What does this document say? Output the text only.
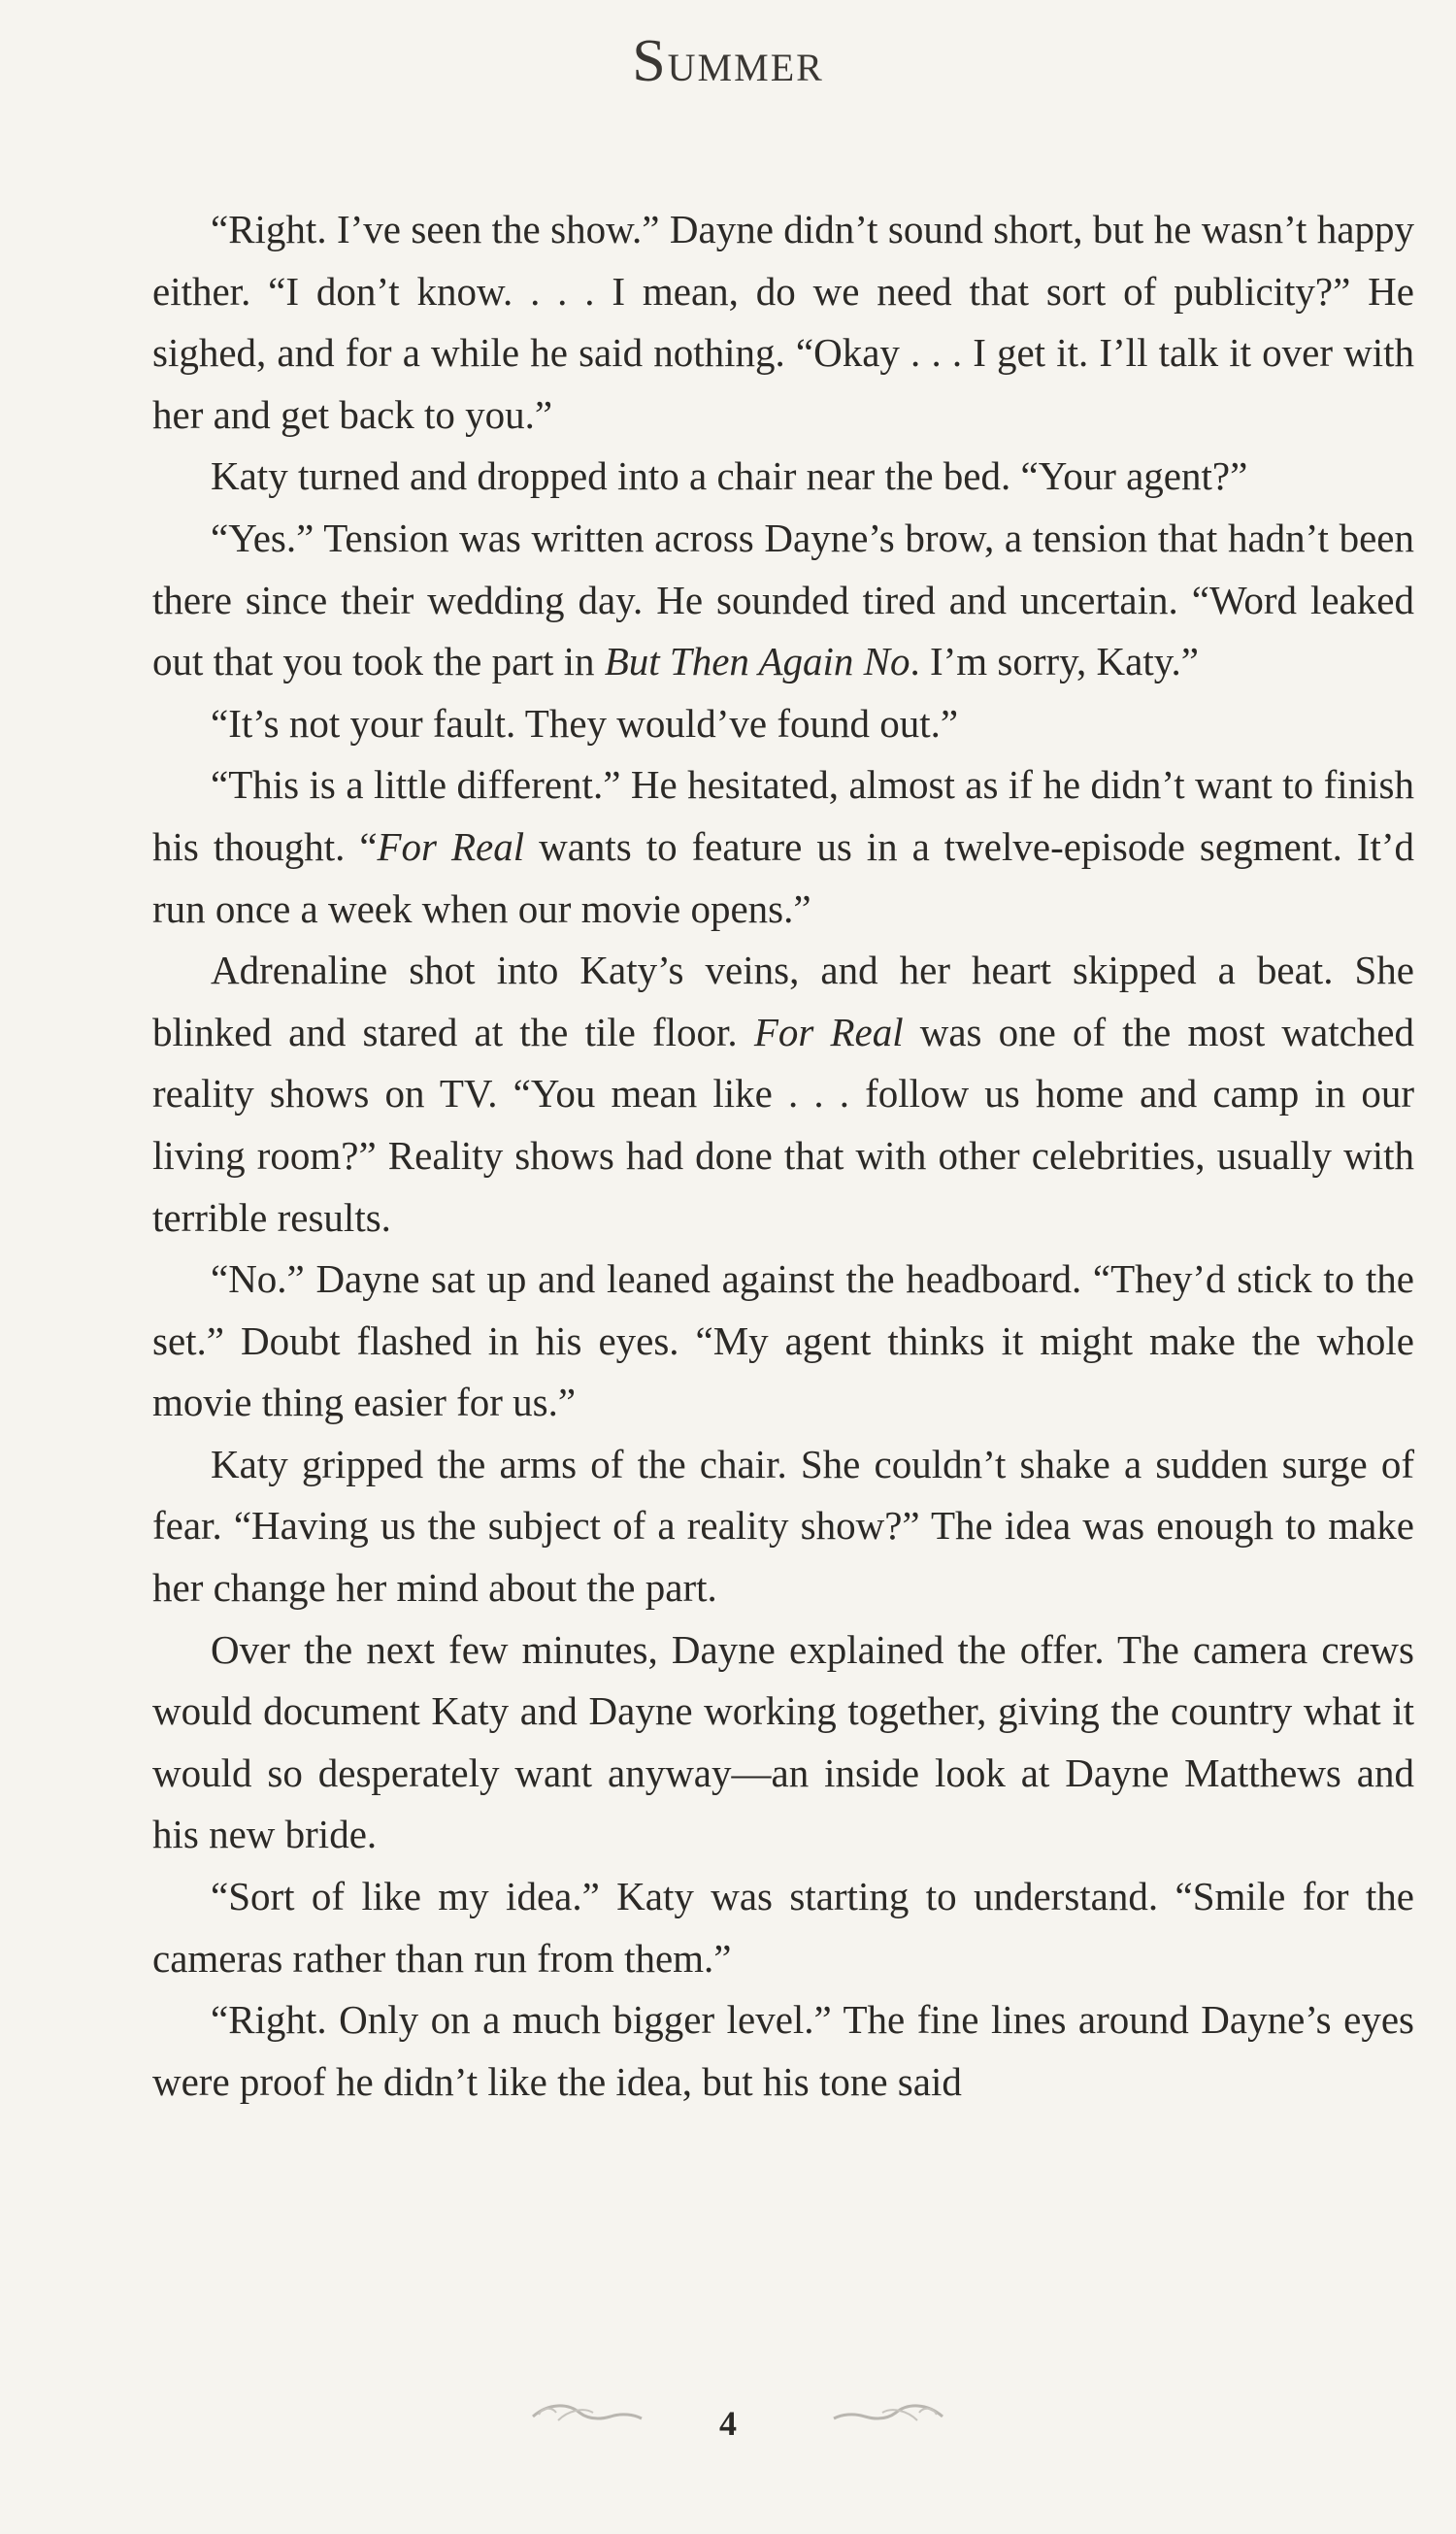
SUMMER

“Right. I’ve seen the show.” Dayne didn’t sound short, but he wasn’t happy either. “I don’t know. . . . I mean, do we need that sort of publicity?” He sighed, and for a while he said nothing. “Okay . . . I get it. I’ll talk it over with her and get back to you.”

Katy turned and dropped into a chair near the bed. “Your agent?”

“Yes.” Tension was written across Dayne’s brow, a tension that hadn’t been there since their wedding day. He sounded tired and uncertain. “Word leaked out that you took the part in But Then Again No. I’m sorry, Katy.”

“It’s not your fault. They would’ve found out.”

“This is a little different.” He hesitated, almost as if he didn’t want to finish his thought. “For Real wants to feature us in a twelve-episode segment. It’d run once a week when our movie opens.”

Adrenaline shot into Katy’s veins, and her heart skipped a beat. She blinked and stared at the tile floor. For Real was one of the most watched reality shows on TV. “You mean like . . . follow us home and camp in our living room?” Reality shows had done that with other celebrities, usually with terrible results.

“No.” Dayne sat up and leaned against the headboard. “They’d stick to the set.” Doubt flashed in his eyes. “My agent thinks it might make the whole movie thing easier for us.”

Katy gripped the arms of the chair. She couldn’t shake a sudden surge of fear. “Having us the subject of a reality show?” The idea was enough to make her change her mind about the part.

Over the next few minutes, Dayne explained the offer. The camera crews would document Katy and Dayne working together, giving the country what it would so desperately want anyway—an inside look at Dayne Matthews and his new bride.

“Sort of like my idea.” Katy was starting to understand. “Smile for the cameras rather than run from them.”

“Right. Only on a much bigger level.” The fine lines around Dayne’s eyes were proof he didn’t like the idea, but his tone said

4
